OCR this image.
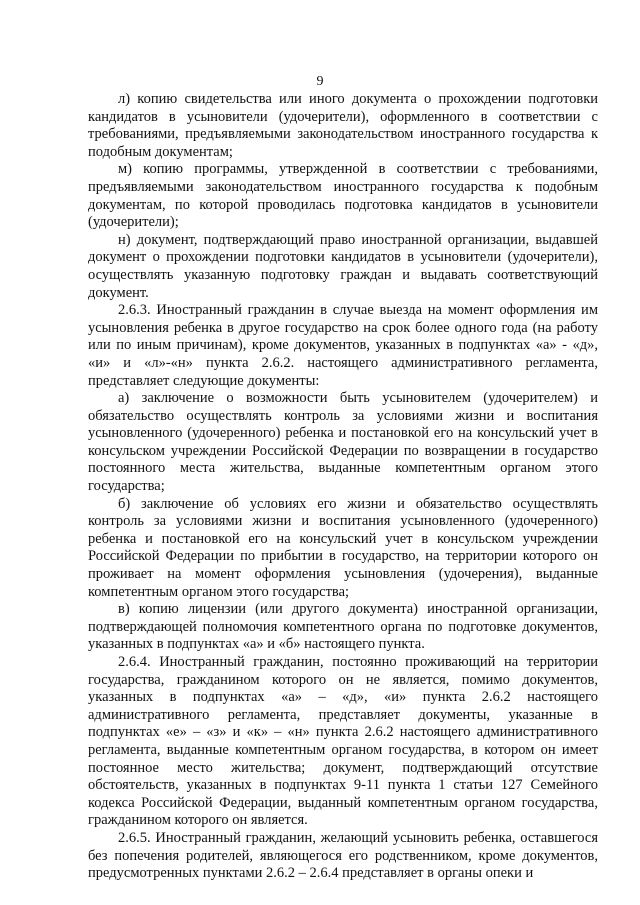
9

л) копию свидетельства или иного документа о прохождении подготовки кандидатов в усыновители (удочерители), оформленного в соответствии с требованиями, предъявляемыми законодательством иностранного государства к подобным документам;

м) копию программы, утвержденной в соответствии с требованиями, предъявляемыми законодательством иностранного государства к подобным документам, по которой проводилась подготовка кандидатов в усыновители (удочерители);

н) документ, подтверждающий право иностранной организации, выдавшей документ о прохождении подготовки кандидатов в усыновители (удочерители), осуществлять указанную подготовку граждан и выдавать соответствующий документ.

2.6.3. Иностранный гражданин в случае выезда на момент оформления им усыновления ребенка в другое государство на срок более одного года (на работу или по иным причинам), кроме документов, указанных в подпунктах «а» - «д», «и» и «л»-«н» пункта 2.6.2. настоящего административного регламента, представляет следующие документы:

а) заключение о возможности быть усыновителем (удочерителем) и обязательство осуществлять контроль за условиями жизни и воспитания усыновленного (удочеренного) ребенка и постановкой его на консульский учет в консульском учреждении Российской Федерации по возвращении в государство постоянного места жительства, выданные компетентным органом этого государства;

б) заключение об условиях его жизни и обязательство осуществлять контроль за условиями жизни и воспитания усыновленного (удочеренного) ребенка и постановкой его на консульский учет в консульском учреждении Российской Федерации по прибытии в государство, на территории которого он проживает на момент оформления усыновления (удочерения), выданные компетентным органом этого государства;

в) копию лицензии (или другого документа) иностранной организации, подтверждающей полномочия компетентного органа по подготовке документов, указанных в подпунктах «а» и «б» настоящего пункта.

2.6.4. Иностранный гражданин, постоянно проживающий на территории государства, гражданином которого он не является, помимо документов, указанных в подпунктах «а» – «д», «и» пункта 2.6.2 настоящего административного регламента, представляет документы, указанные в подпунктах «е» – «з» и «к» – «н» пункта 2.6.2 настоящего административного регламента, выданные компетентным органом государства, в котором он имеет постоянное место жительства; документ, подтверждающий отсутствие обстоятельств, указанных в подпунктах 9-11 пункта 1 статьи 127 Семейного кодекса Российской Федерации, выданный компетентным органом государства, гражданином которого он является.

2.6.5. Иностранный гражданин, желающий усыновить ребенка, оставшегося без попечения родителей, являющегося его родственником, кроме документов, предусмотренных пунктами 2.6.2 – 2.6.4 представляет в органы опеки и
